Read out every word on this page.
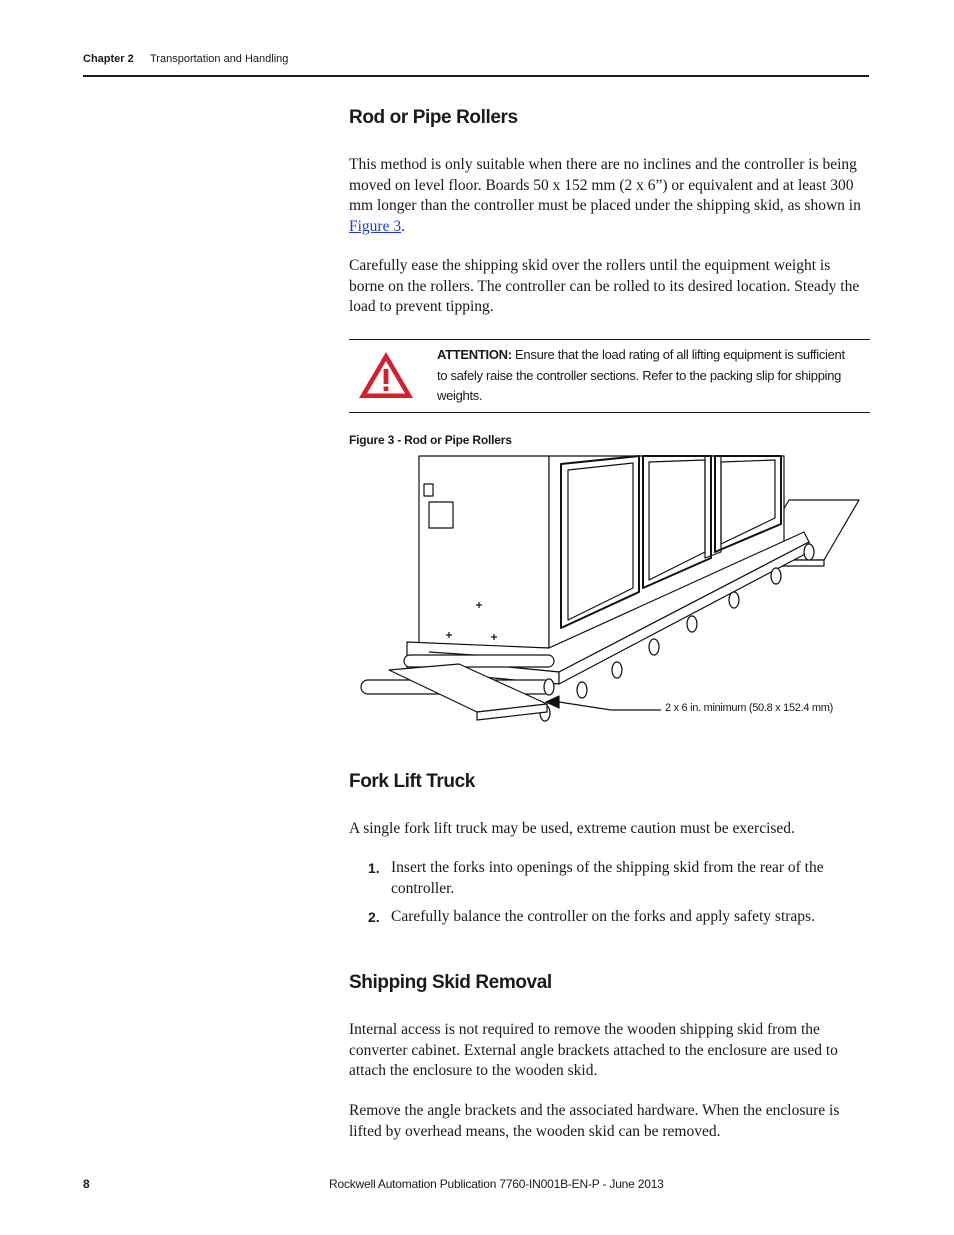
Chapter 2 Transportation and Handling
Rod or Pipe Rollers

This method is only suitable when there are no inclines and the controller is being moved on level floor. Boards 50 x 152 mm (2 x 6”) or equivalent and at least 300 mm longer than the controller must be placed under the shipping skid, as shown in Figure 3.

Carefully ease the shipping skid over the rollers until the equipment weight is borne on the rollers. The controller can be rolled to its desired location. Steady the load to prevent tipping.

ATTENTION: Ensure that the load rating of all lifting equipment is sufficient to safely raise the controller sections. Refer to the packing slip for shipping weights.
Figure 3 - Rod or Pipe Rollers
2 x 6 in. minimum (50.8 x 152.4 mm)
Fork Lift Truck

A single fork lift truck may be used, extreme caution must be exercised.

1. Insert the forks into openings of the shipping skid from the rear of the controller.
2. Carefully balance the controller on the forks and apply safety straps.
Shipping Skid Removal

Internal access is not required to remove the wooden shipping skid from the converter cabinet. External angle brackets attached to the enclosure are used to attach the enclosure to the wooden skid.

Remove the angle brackets and the associated hardware. When the enclosure is lifted by overhead means, the wooden skid can be removed.

8	Rockwell Automation Publication 7760-IN001B-EN-P - June 2013
